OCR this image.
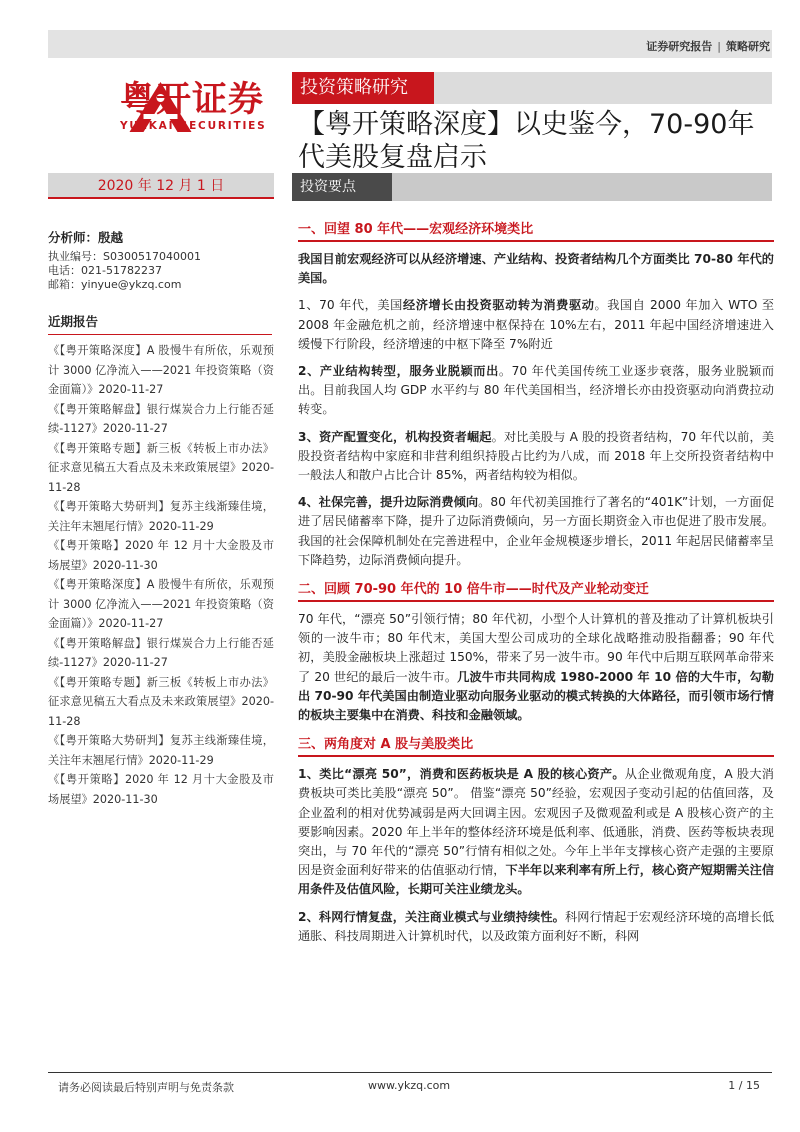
证券研究报告 | 策略研究
粤开证券
YUEKAI SECURITIES
投资策略研究
【粤开策略深度】以史鉴今，70-90年代美股复盘启示
2020 年 12 月 1 日	投资要点
分析师：殷越
执业编号：S0300517040001
电话：021-51782237
邮箱：yinyue@ykzq.com
近期报告
《【粤开策略深度】A 股慢牛有所依，乐观预计 3000 亿净流入——2021 年投资策略（资金面篇）》2020-11-27
《【粤开策略解盘】银行煤炭合力上行能否延续-1127》2020-11-27
《【粤开策略专题】新三板《转板上市办法》征求意见稿五大看点及未来政策展望》2020-11-28
《【粤开策略大势研判】复苏主线渐臻佳境，关注年末翘尾行情》2020-11-29
《【粤开策略】2020 年 12 月十大金股及市场展望》2020-11-30
《【粤开策略深度】A 股慢牛有所依，乐观预计 3000 亿净流入——2021 年投资策略（资金面篇）》2020-11-27
《【粤开策略解盘】银行煤炭合力上行能否延续-1127》2020-11-27
《【粤开策略专题】新三板《转板上市办法》征求意见稿五大看点及未来政策展望》2020-11-28
《【粤开策略大势研判】复苏主线渐臻佳境，关注年末翘尾行情》2020-11-29
《【粤开策略】2020 年 12 月十大金股及市场展望》2020-11-30
一、回望 80 年代——宏观经济环境类比

我国目前宏观经济可以从经济增速、产业结构、投资者结构几个方面类比 70-80 年代的美国。

1、70 年代，美国经济增长由投资驱动转为消费驱动。我国自 2000 年加入 WTO 至 2008 年金融危机之前，经济增速中枢保持在 10%左右，2011 年起中国经济增速进入缓慢下行阶段，经济增速的中枢下降至 7%附近

2、产业结构转型，服务业脱颖而出。70 年代美国传统工业逐步衰落，服务业脱颖而出。目前我国人均 GDP 水平约与 80 年代美国相当，经济增长亦由投资驱动向消费拉动转变。

3、资产配置变化，机构投资者崛起。对比美股与 A 股的投资者结构，70 年代以前，美股投资者结构中家庭和非营利组织持股占比约为八成，而 2018 年上交所投资者结构中一般法人和散户占比合计 85%，两者结构较为相似。

4、社保完善，提升边际消费倾向。80 年代初美国推行了著名的“401K”计划，一方面促进了居民储蓄率下降，提升了边际消费倾向，另一方面长期资金入市也促进了股市发展。我国的社会保障机制处在完善进程中，企业年金规模逐步增长，2011 年起居民储蓄率呈下降趋势，边际消费倾向提升。

二、回顾 70-90 年代的 10 倍牛市——时代及产业轮动变迁

70 年代，“漂亮 50”引领行情；80 年代初，小型个人计算机的普及推动了计算机板块引领的一波牛市；80 年代末，美国大型公司成功的全球化战略推动股指翻番；90 年代初，美股金融板块上涨超过 150%，带来了另一波牛市。90 年代中后期互联网革命带来了 20 世纪的最后一波牛市。几波牛市共同构成 1980-2000 年 10 倍的大牛市，勾勒出 70-90 年代美国由制造业驱动向服务业驱动的模式转换的大体路径，而引领市场行情的板块主要集中在消费、科技和金融领域。

三、两角度对 A 股与美股类比

1、类比“漂亮 50”，消费和医药板块是 A 股的核心资产。从企业微观角度，A 股大消费板块可类比美股“漂亮 50”。 借鉴“漂亮 50”经验，宏观因子变动引起的估值回落，及企业盈利的相对优势减弱是两大回调主因。宏观因子及微观盈利或是 A 股核心资产的主要影响因素。2020 年上半年的整体经济环境是低利率、低通胀，消费、医药等板块表现突出，与 70 年代的“漂亮 50”行情有相似之处。今年上半年支撑核心资产走强的主要原因是资金面利好带来的估值驱动行情，下半年以来利率有所上行，核心资产短期需关注信用条件及估值风险，长期可关注业绩龙头。

2、科网行情复盘，关注商业模式与业绩持续性。科网行情起于宏观经济环境的高增长低通胀、科技周期进入计算机时代，以及政策方面利好不断，科网

请务必阅读最后特别声明与免责条款	www.ykzq.com	1 / 15
